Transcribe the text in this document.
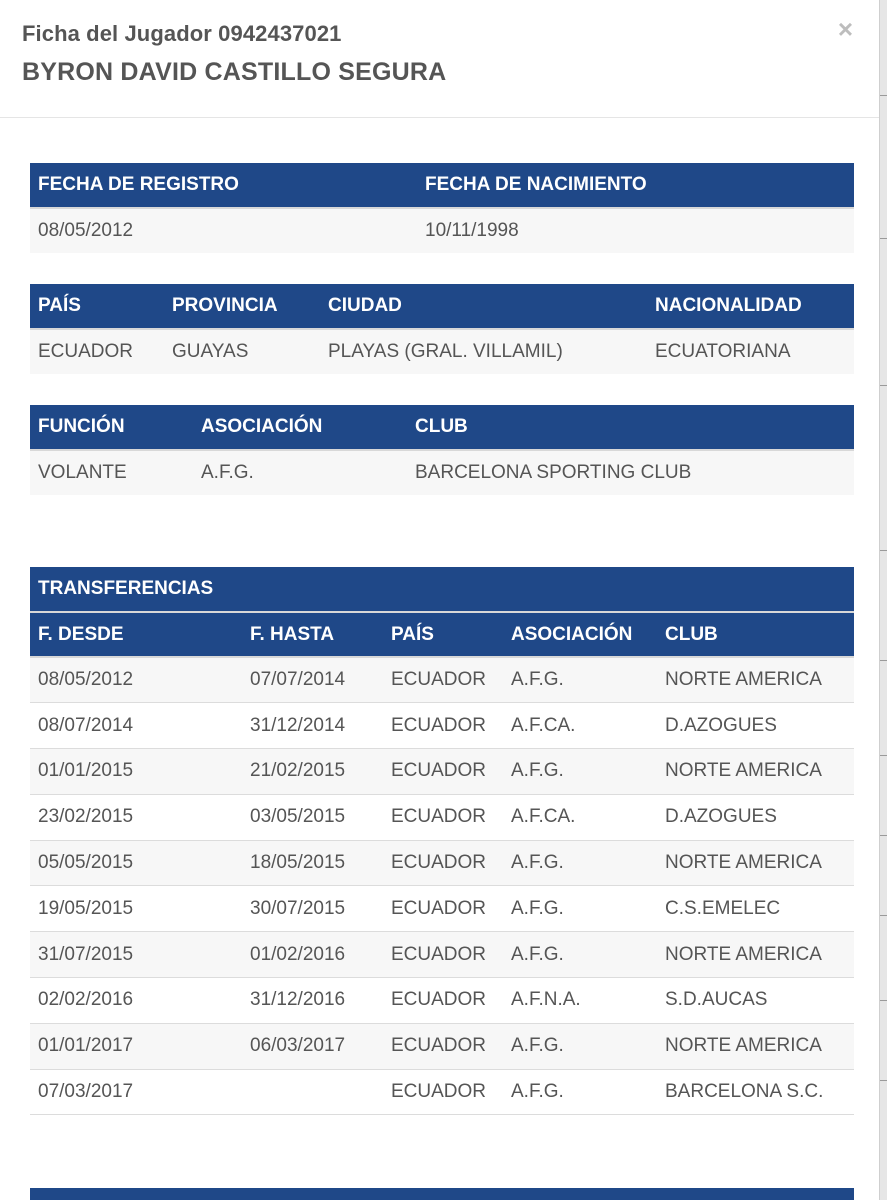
Ficha del Jugador 0942437021
BYRON DAVID CASTILLO SEGURA
×
FECHA DE REGISTRO	FECHA DE NACIMIENTO
08/05/2012	10/11/1998
PAÍS	PROVINCIA	CIUDAD	NACIONALIDAD
ECUADOR	GUAYAS	PLAYAS (GRAL. VILLAMIL)	ECUATORIANA
FUNCIÓN	ASOCIACIÓN	CLUB
VOLANTE	A.F.G.	BARCELONA SPORTING CLUB
TRANSFERENCIAS				
F. DESDE	F. HASTA	PAÍS	ASOCIACIÓN	CLUB
08/05/2012	07/07/2014	ECUADOR	A.F.G.	NORTE AMERICA
08/07/2014	31/12/2014	ECUADOR	A.F.CA.	D.AZOGUES
01/01/2015	21/02/2015	ECUADOR	A.F.G.	NORTE AMERICA
23/02/2015	03/05/2015	ECUADOR	A.F.CA.	D.AZOGUES
05/05/2015	18/05/2015	ECUADOR	A.F.G.	NORTE AMERICA
19/05/2015	30/07/2015	ECUADOR	A.F.G.	C.S.EMELEC
31/07/2015	01/02/2016	ECUADOR	A.F.G.	NORTE AMERICA
02/02/2016	31/12/2016	ECUADOR	A.F.N.A.	S.D.AUCAS
01/01/2017	06/03/2017	ECUADOR	A.F.G.	NORTE AMERICA
07/03/2017		ECUADOR	A.F.G.	BARCELONA S.C.
